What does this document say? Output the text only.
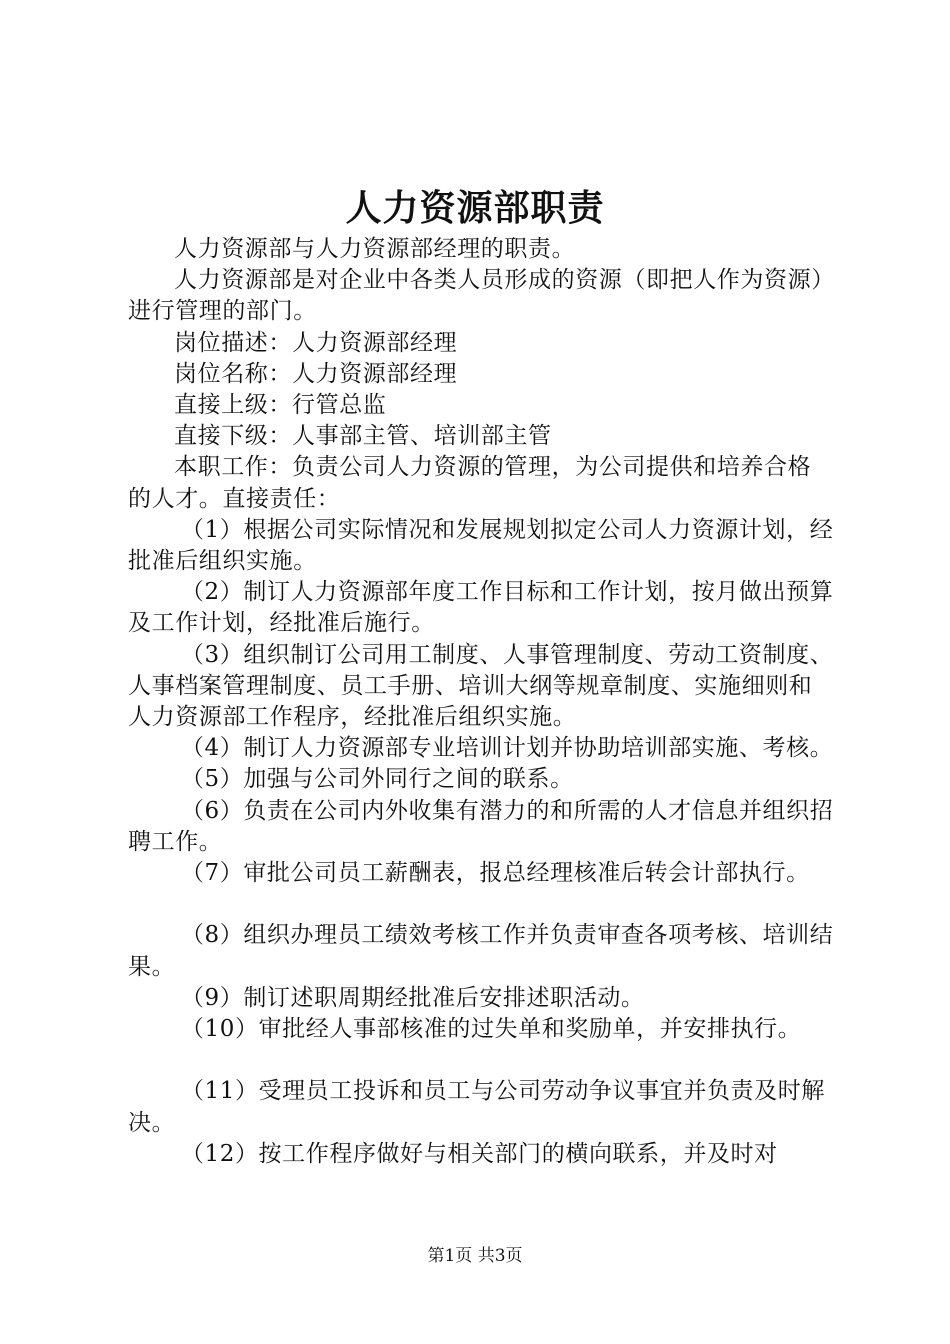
人力资源部职责

人力资源部与人力资源部经理的职责。

人力资源部是对企业中各类人员形成的资源（即把人作为资源）进行管理的部门。

岗位描述：人力资源部经理

岗位名称：人力资源部经理

直接上级：行管总监

直接下级：人事部主管、培训部主管

本职工作：负责公司人力资源的管理，为公司提供和培养合格的人才。直接责任：

（1）根据公司实际情况和发展规划拟定公司人力资源计划，经批准后组织实施。

（2）制订人力资源部年度工作目标和工作计划，按月做出预算及工作计划，经批准后施行。

（3）组织制订公司用工制度、人事管理制度、劳动工资制度、人事档案管理制度、员工手册、培训大纲等规章制度、实施细则和人力资源部工作程序，经批准后组织实施。

（4）制订人力资源部专业培训计划并协助培训部实施、考核。

（5）加强与公司外同行之间的联系。

（6）负责在公司内外收集有潜力的和所需的人才信息并组织招聘工作。

（7）审批公司员工薪酬表，报总经理核准后转会计部执行。

（8）组织办理员工绩效考核工作并负责审查各项考核、培训结果。

（9）制订述职周期经批准后安排述职活动。

（10）审批经人事部核准的过失单和奖励单，并安排执行。

（11）受理员工投诉和员工与公司劳动争议事宜并负责及时解决。

（12）按工作程序做好与相关部门的横向联系，并及时对

第1页 共3页
